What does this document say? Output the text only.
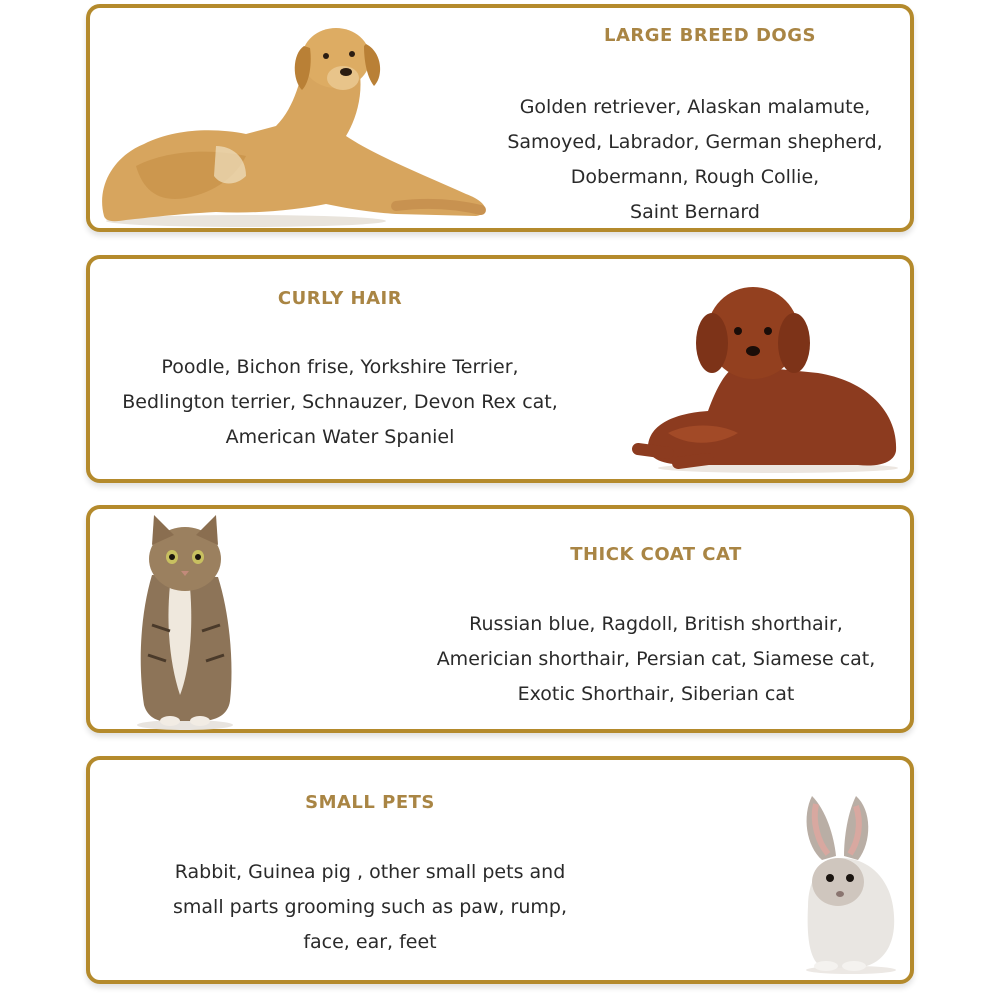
LARGE BREED DOGS
Golden retriever, Alaskan malamute,
Samoyed, Labrador, German shepherd,
Dobermann, Rough Collie,
Saint Bernard
CURLY HAIR
Poodle, Bichon frise, Yorkshire Terrier,
Bedlington terrier, Schnauzer, Devon Rex cat,
American Water Spaniel
THICK COAT CAT
Russian blue, Ragdoll, British shorthair,
Americian shorthair, Persian cat, Siamese cat,
Exotic Shorthair, Siberian cat
SMALL PETS
Rabbit, Guinea pig , other small pets and
small parts grooming such as paw, rump,
face, ear, feet
